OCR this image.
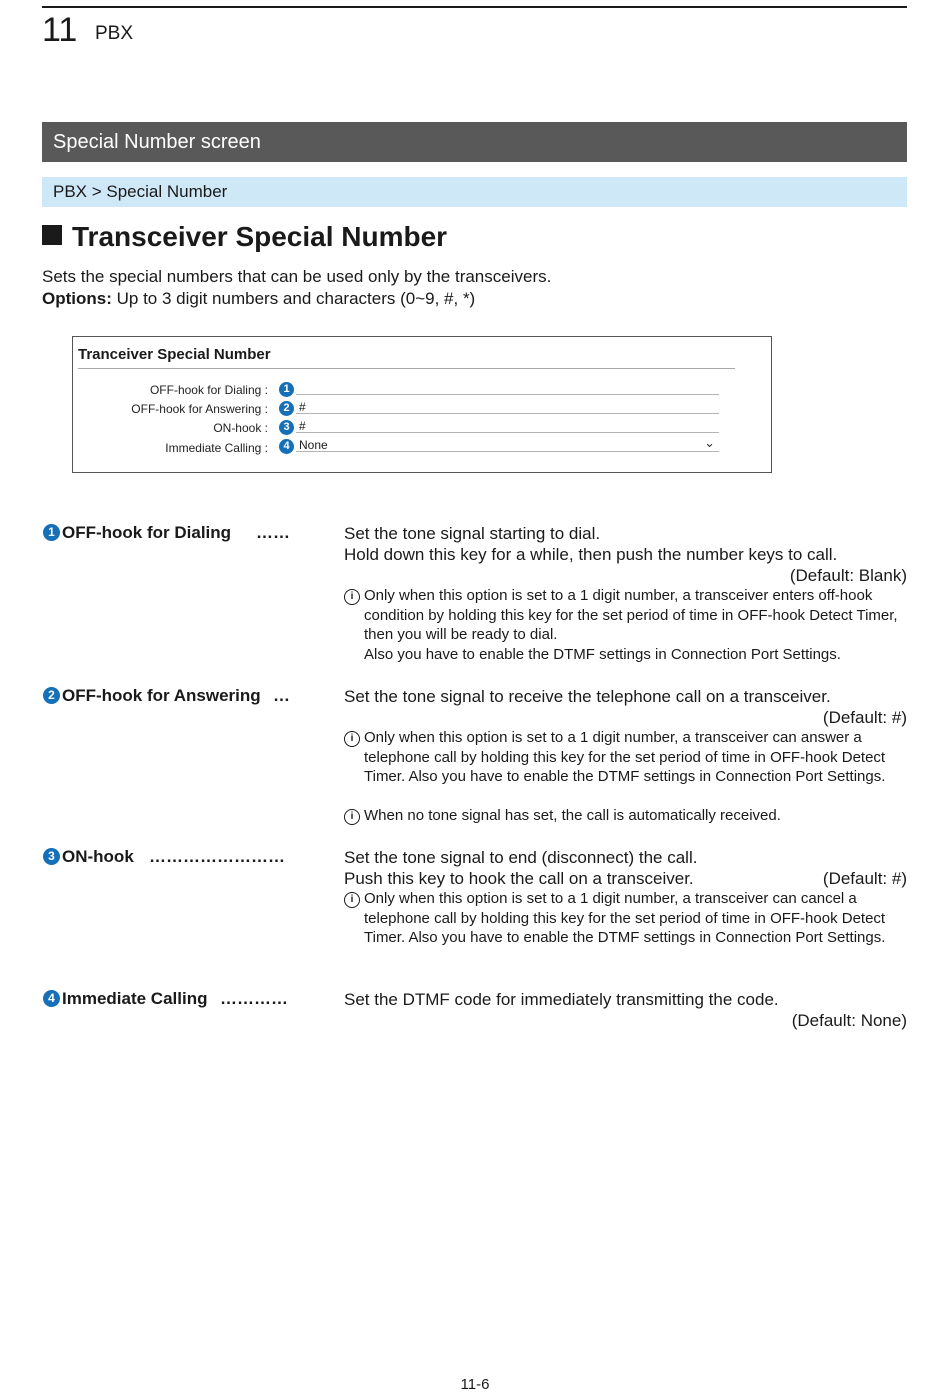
11 PBX
Special Number screen
PBX > Special Number
Transceiver Special Number
Sets the special numbers that can be used only by the transceivers.
Options: Up to 3 digit numbers and characters (0~9, #, *)
Tranceiver Special Number
OFF-hook for Dialing :	1
OFF-hook for Answering :	2 #
ON-hook :	3 #
Immediate Calling :	4 None	⌄
1 OFF-hook for Dialing ……	Set the tone signal starting to dial.
Hold down this key for a while, then push the number keys to call.
(Default: Blank)
i Only when this option is set to a 1 digit number, a transceiver enters off-hook condition by holding this key for the set period of time in OFF-hook Detect Timer, then you will be ready to dial.
Also you have to enable the DTMF settings in Connection Port Settings.
2 OFF-hook for Answering …	Set the tone signal to receive the telephone call on a transceiver.
(Default: #)
i Only when this option is set to a 1 digit number, a transceiver can answer a telephone call by holding this key for the set period of time in OFF-hook Detect Timer. Also you have to enable the DTMF settings in Connection Port Settings.
i When no tone signal has set, the call is automatically received.
3 ON-hook ……………………	Set the tone signal to end (disconnect) the call.
Push this key to hook the call on a transceiver.	(Default: #)
i Only when this option is set to a 1 digit number, a transceiver can cancel a telephone call by holding this key for the set period of time in OFF-hook Detect Timer. Also you have to enable the DTMF settings in Connection Port Settings.
4 Immediate Calling …………	Set the DTMF code for immediately transmitting the code.
(Default: None)
11-6
